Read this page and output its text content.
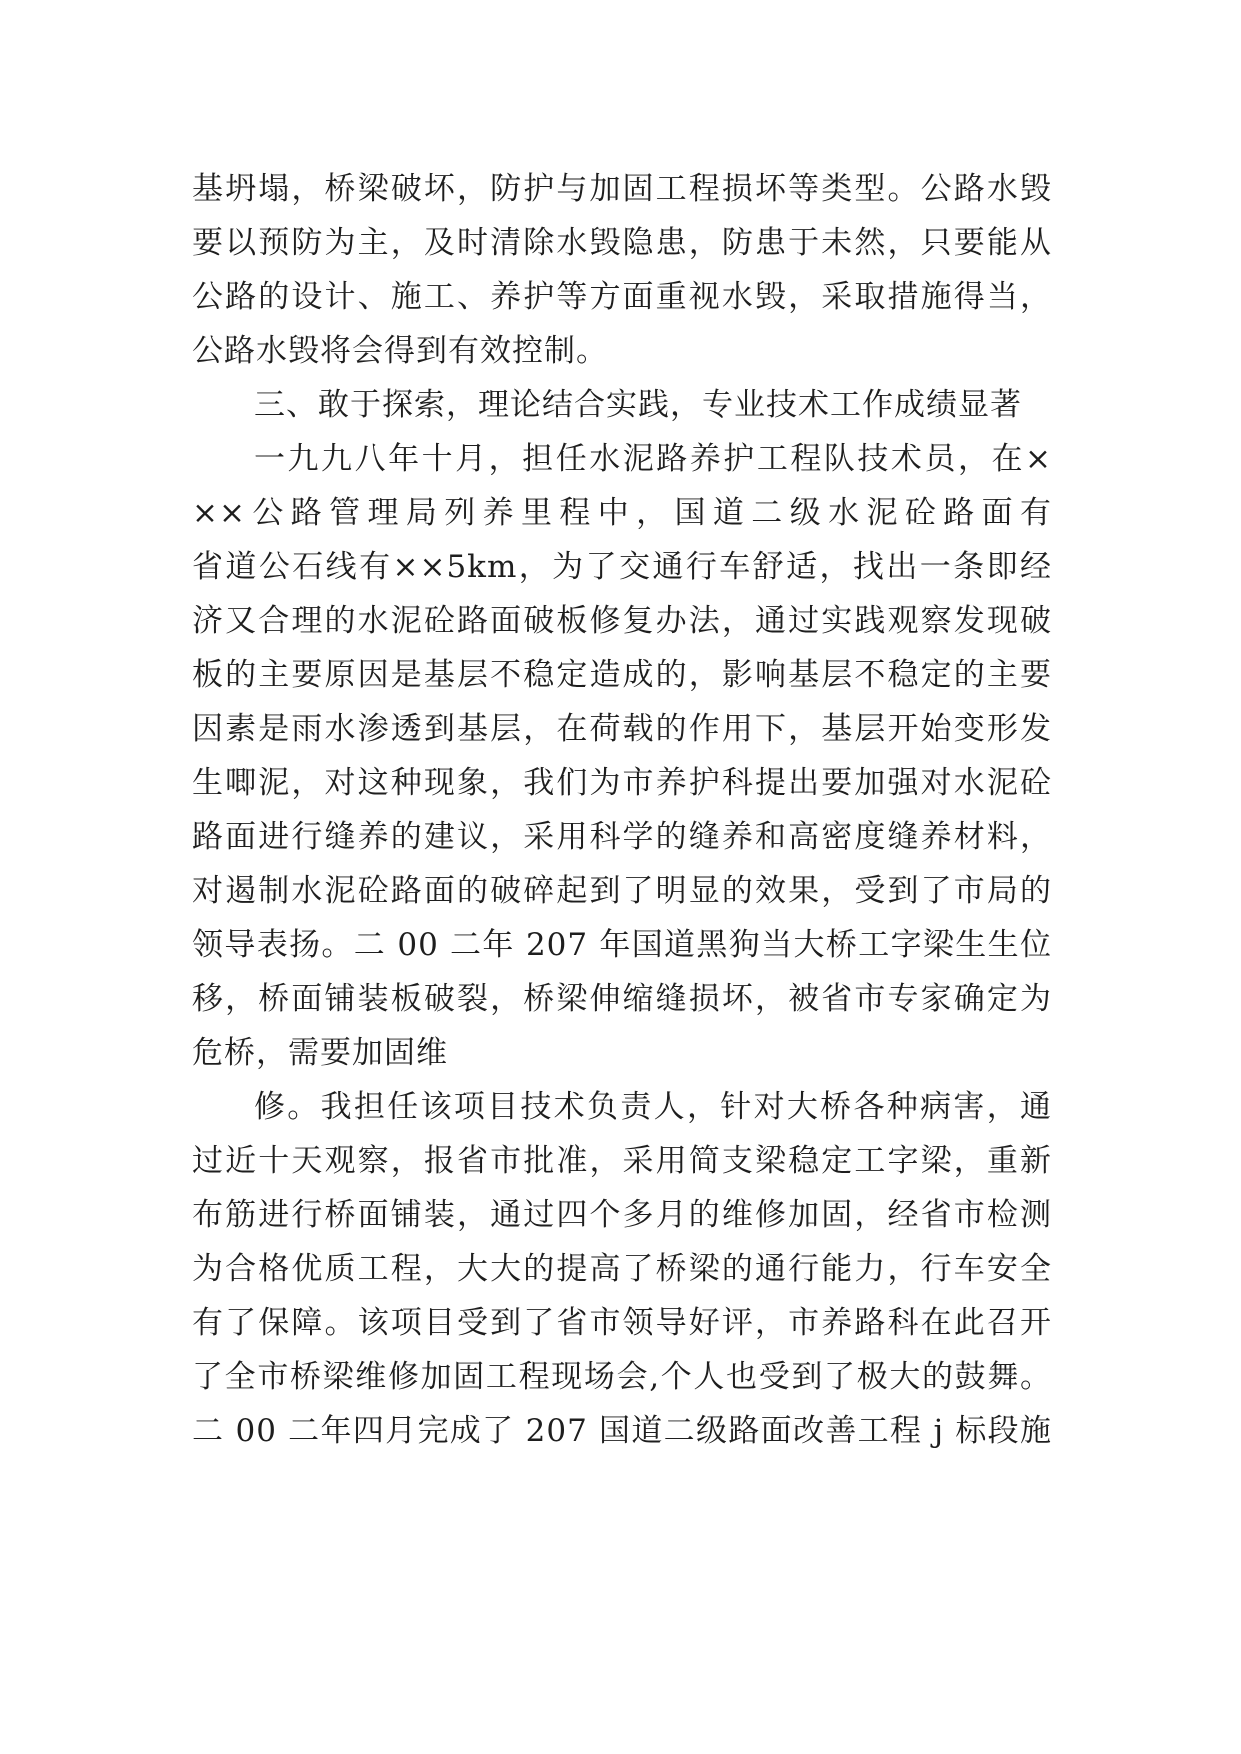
基坍塌，桥梁破坏，防护与加固工程损坏等类型。公路水毁
要以预防为主，及时清除水毁隐患，防患于未然，只要能从
公路的设计、施工、养护等方面重视水毁，采取措施得当，
公路水毁将会得到有效控制。
三、敢于探索，理论结合实践，专业技术工作成绩显著
一九九八年十月，担任水泥路养护工程队技术员，在×
××公路管理局列养里程中，国道二级水泥砼路面有
省道公石线有××5km，为了交通行车舒适，找出一条即经
济又合理的水泥砼路面破板修复办法，通过实践观察发现破
板的主要原因是基层不稳定造成的，影响基层不稳定的主要
因素是雨水渗透到基层，在荷载的作用下，基层开始变形发
生唧泥，对这种现象，我们为市养护科提出要加强对水泥砼
路面进行缝养的建议，采用科学的缝养和高密度缝养材料，
对遏制水泥砼路面的破碎起到了明显的效果，受到了市局的
领导表扬。二 00 二年 207 年国道黑狗当大桥工字梁生生位
移，桥面铺装板破裂，桥梁伸缩缝损坏，被省市专家确定为
危桥，需要加固维
修。我担任该项目技术负责人，针对大桥各种病害，通
过近十天观察，报省市批准，采用简支梁稳定工字梁，重新
布筋进行桥面铺装，通过四个多月的维修加固，经省市检测
为合格优质工程，大大的提高了桥梁的通行能力，行车安全
有了保障。该项目受到了省市领导好评，市养路科在此召开
了全市桥梁维修加固工程现场会,个人也受到了极大的鼓舞。
二 00 二年四月完成了 207 国道二级路面改善工程 j 标段施
